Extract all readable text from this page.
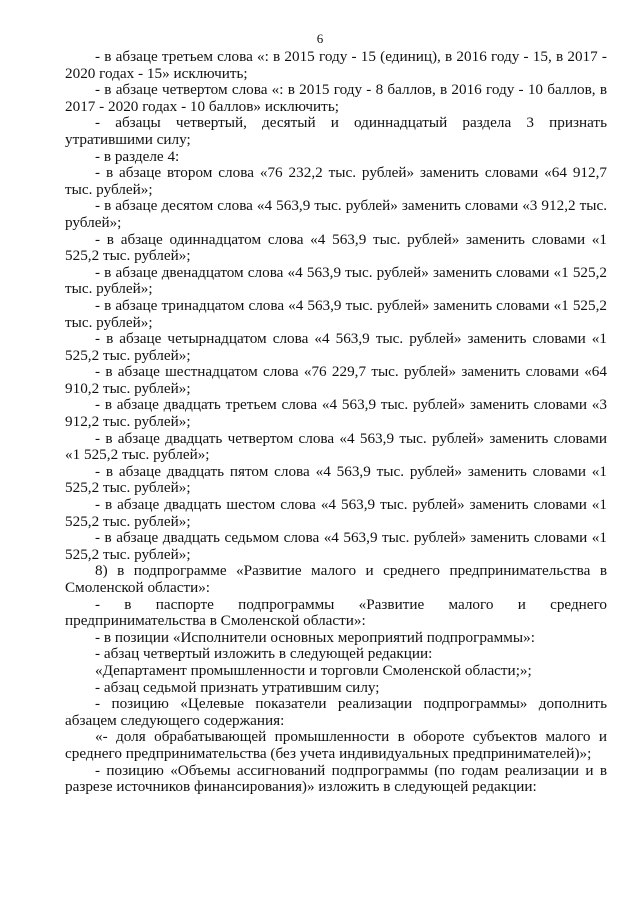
6

- в абзаце третьем слова «: в 2015 году - 15 (единиц), в 2016 году - 15, в 2017 - 2020 годах - 15» исключить;

- в абзаце четвертом слова «: в 2015 году - 8 баллов, в 2016 году - 10 баллов, в 2017 - 2020 годах - 10 баллов» исключить;

- абзацы четвертый, десятый и одиннадцатый раздела 3 признать утратившими силу;

- в разделе 4:

- в абзаце втором слова «76 232,2 тыс. рублей» заменить словами «64 912,7 тыс. рублей»;

- в абзаце десятом слова «4 563,9 тыс. рублей» заменить словами «3 912,2 тыс. рублей»;

- в абзаце одиннадцатом слова «4 563,9 тыс. рублей» заменить словами «1 525,2 тыс. рублей»;

- в абзаце двенадцатом слова «4 563,9 тыс. рублей» заменить словами «1 525,2 тыс. рублей»;

- в абзаце тринадцатом слова «4 563,9 тыс. рублей» заменить словами «1 525,2 тыс. рублей»;

- в абзаце четырнадцатом слова «4 563,9 тыс. рублей» заменить словами «1 525,2 тыс. рублей»;

- в абзаце шестнадцатом слова «76 229,7 тыс. рублей» заменить словами «64 910,2 тыс. рублей»;

- в абзаце двадцать третьем слова «4 563,9 тыс. рублей» заменить словами «3 912,2 тыс. рублей»;

- в абзаце двадцать четвертом слова «4 563,9 тыс. рублей» заменить словами «1 525,2 тыс. рублей»;

- в абзаце двадцать пятом слова «4 563,9 тыс. рублей» заменить словами «1 525,2 тыс. рублей»;

- в абзаце двадцать шестом слова «4 563,9 тыс. рублей» заменить словами «1 525,2 тыс. рублей»;

- в абзаце двадцать седьмом слова «4 563,9 тыс. рублей» заменить словами «1 525,2 тыс. рублей»;

8) в подпрограмме «Развитие малого и среднего предпринимательства в Смоленской области»:

- в паспорте подпрограммы «Развитие малого и среднего предпринимательства в Смоленской области»:

- в позиции «Исполнители основных мероприятий подпрограммы»:

- абзац четвертый изложить в следующей редакции:

«Департамент промышленности и торговли Смоленской области;»;

- абзац седьмой признать утратившим силу;

- позицию «Целевые показатели реализации подпрограммы» дополнить абзацем следующего содержания:

«- доля обрабатывающей промышленности в обороте субъектов малого и среднего предпринимательства (без учета индивидуальных предпринимателей)»;

- позицию «Объемы ассигнований подпрограммы (по годам реализации и в разрезе источников финансирования)» изложить в следующей редакции:
